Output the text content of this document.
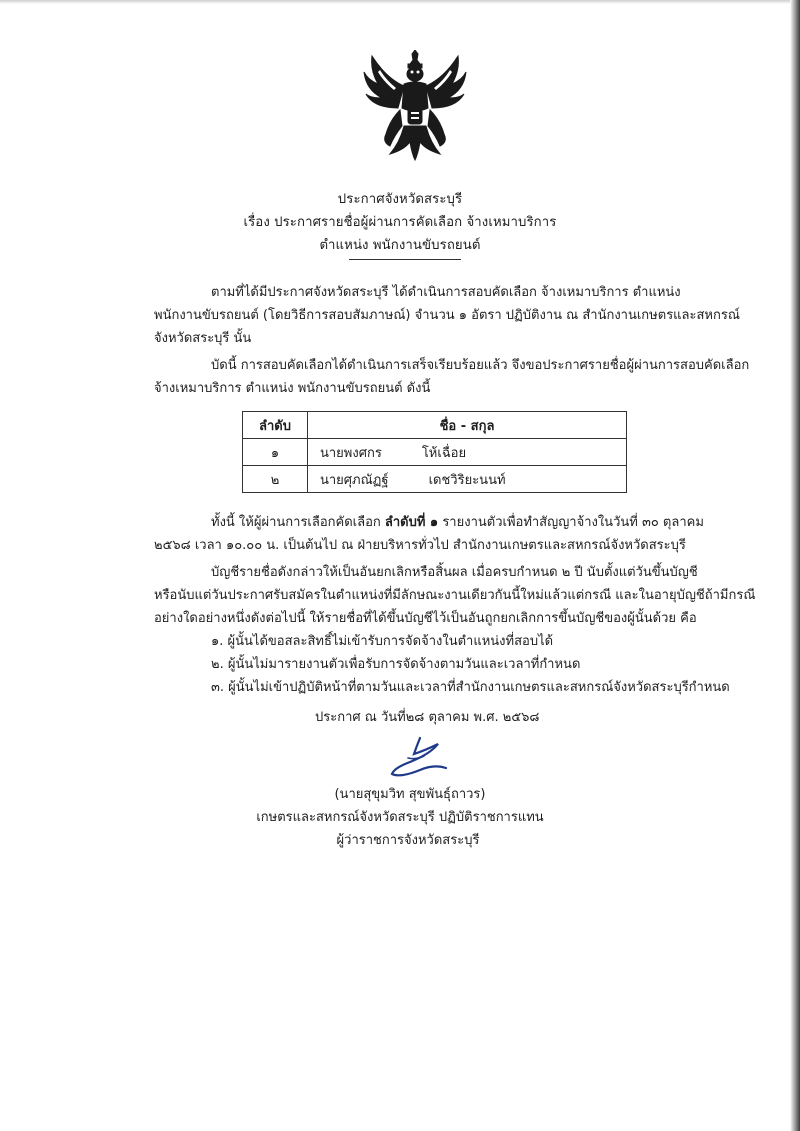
ประกาศจังหวัดสระบุรี
เรื่อง ประกาศรายชื่อผู้ผ่านการคัดเลือก จ้างเหมาบริการ
ตำแหน่ง พนักงานขับรถยนต์
ตามที่ได้มีประกาศจังหวัดสระบุรี ได้ดำเนินการสอบคัดเลือก จ้างเหมาบริการ ตำแหน่ง
พนักงานขับรถยนต์ (โดยวิธีการสอบสัมภาษณ์) จำนวน ๑ อัตรา ปฏิบัติงาน ณ สำนักงานเกษตรและสหกรณ์
จังหวัดสระบุรี นั้น
บัดนี้ การสอบคัดเลือกได้ดำเนินการเสร็จเรียบร้อยแล้ว จึงขอประกาศรายชื่อผู้ผ่านการสอบคัดเลือก
จ้างเหมาบริการ ตำแหน่ง พนักงานขับรถยนต์ ดังนี้
ลำดับ	ชื่อ - สกุล
๑	นายพงศกร โห้เฉื่อย
๒	นายศุภณัฏฐ์ เดชวิริยะนนท์
ทั้งนี้ ให้ผู้ผ่านการเลือกคัดเลือก ลำดับที่ ๑ รายงานตัวเพื่อทำสัญญาจ้างในวันที่ ๓๐ ตุลาคม
๒๕๖๘ เวลา ๑๐.๐๐ น. เป็นต้นไป ณ ฝ่ายบริหารทั่วไป สำนักงานเกษตรและสหกรณ์จังหวัดสระบุรี
บัญชีรายชื่อดังกล่าวให้เป็นอันยกเลิกหรือสิ้นผล เมื่อครบกำหนด ๒ ปี นับตั้งแต่วันขึ้นบัญชี
หรือนับแต่วันประกาศรับสมัครในตำแหน่งที่มีลักษณะงานเดียวกันนี้ใหม่แล้วแต่กรณี และในอายุบัญชีถ้ามีกรณี
อย่างใดอย่างหนึ่งดังต่อไปนี้ ให้รายชื่อที่ได้ขึ้นบัญชีไว้เป็นอันถูกยกเลิกการขึ้นบัญชีของผู้นั้นด้วย คือ
๑. ผู้นั้นได้ขอสละสิทธิ์ไม่เข้ารับการจัดจ้างในตำแหน่งที่สอบได้
๒. ผู้นั้นไม่มารายงานตัวเพื่อรับการจัดจ้างตามวันและเวลาที่กำหนด
๓. ผู้นั้นไม่เข้าปฏิบัติหน้าที่ตามวันและเวลาที่สำนักงานเกษตรและสหกรณ์จังหวัดสระบุรีกำหนด
ประกาศ ณ วันที่๒๘ ตุลาคม พ.ศ. ๒๕๖๘
(นายสุขุมวิท สุขพันธุ์ถาวร)
เกษตรและสหกรณ์จังหวัดสระบุรี ปฏิบัติราชการแทน
ผู้ว่าราชการจังหวัดสระบุรี
